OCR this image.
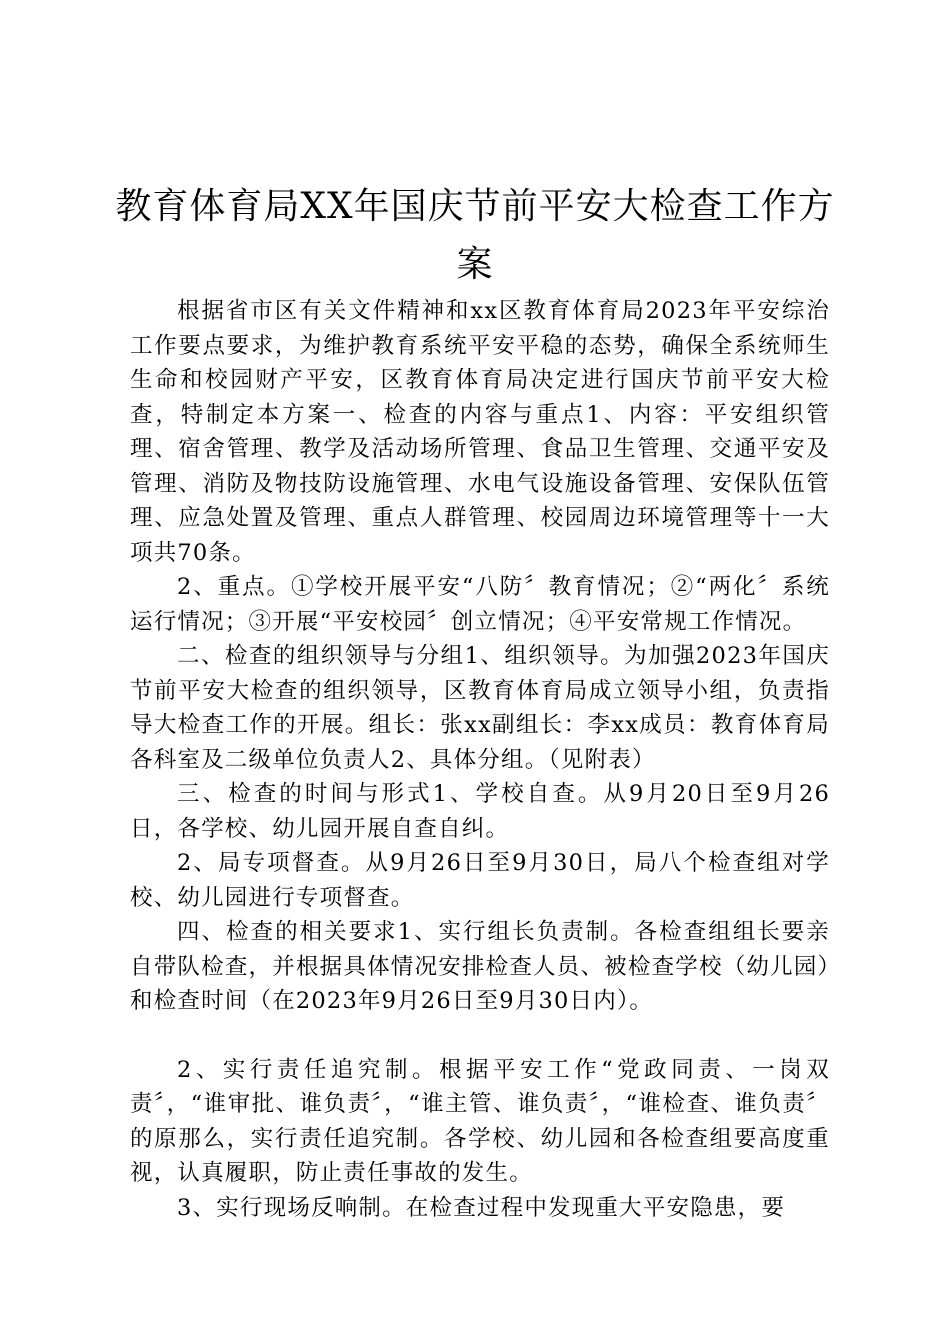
教育体育局XX年国庆节前平安大检查工作方案

根据省市区有关文件精神和xx区教育体育局2023年平安综治工作要点要求，为维护教育系统平安平稳的态势，确保全系统师生生命和校园财产平安，区教育体育局决定进行国庆节前平安大检查，特制定本方案一、检查的内容与重点1、内容：平安组织管理、宿舍管理、教学及活动场所管理、食品卫生管理、交通平安及管理、消防及物技防设施管理、水电气设施设备管理、安保队伍管理、应急处置及管理、重点人群管理、校园周边环境管理等十一大项共70条。

2、重点。①学校开展平安“八防〞教育情况；②“两化〞系统运行情况；③开展“平安校园〞创立情况；④平安常规工作情况。

二、检查的组织领导与分组1、组织领导。为加强2023年国庆节前平安大检查的组织领导，区教育体育局成立领导小组，负责指导大检查工作的开展。组长：张xx副组长：李xx成员：教育体育局各科室及二级单位负责人2、具体分组。（见附表）

三、检查的时间与形式1、学校自查。从9月20日至9月26日，各学校、幼儿园开展自查自纠。

2、局专项督查。从9月26日至9月30日，局八个检查组对学校、幼儿园进行专项督查。

四、检查的相关要求1、实行组长负责制。各检查组组长要亲自带队检查，并根据具体情况安排检查人员、被检查学校（幼儿园）和检查时间（在2023年9月26日至9月30日内）。

2、实行责任追究制。根据平安工作“党政同责、一岗双责〞，“谁审批、谁负责〞，“谁主管、谁负责〞，“谁检查、谁负责〞的原那么，实行责任追究制。各学校、幼儿园和各检查组要高度重视，认真履职，防止责任事故的发生。

3、实行现场反响制。在检查过程中发现重大平安隐患，要
